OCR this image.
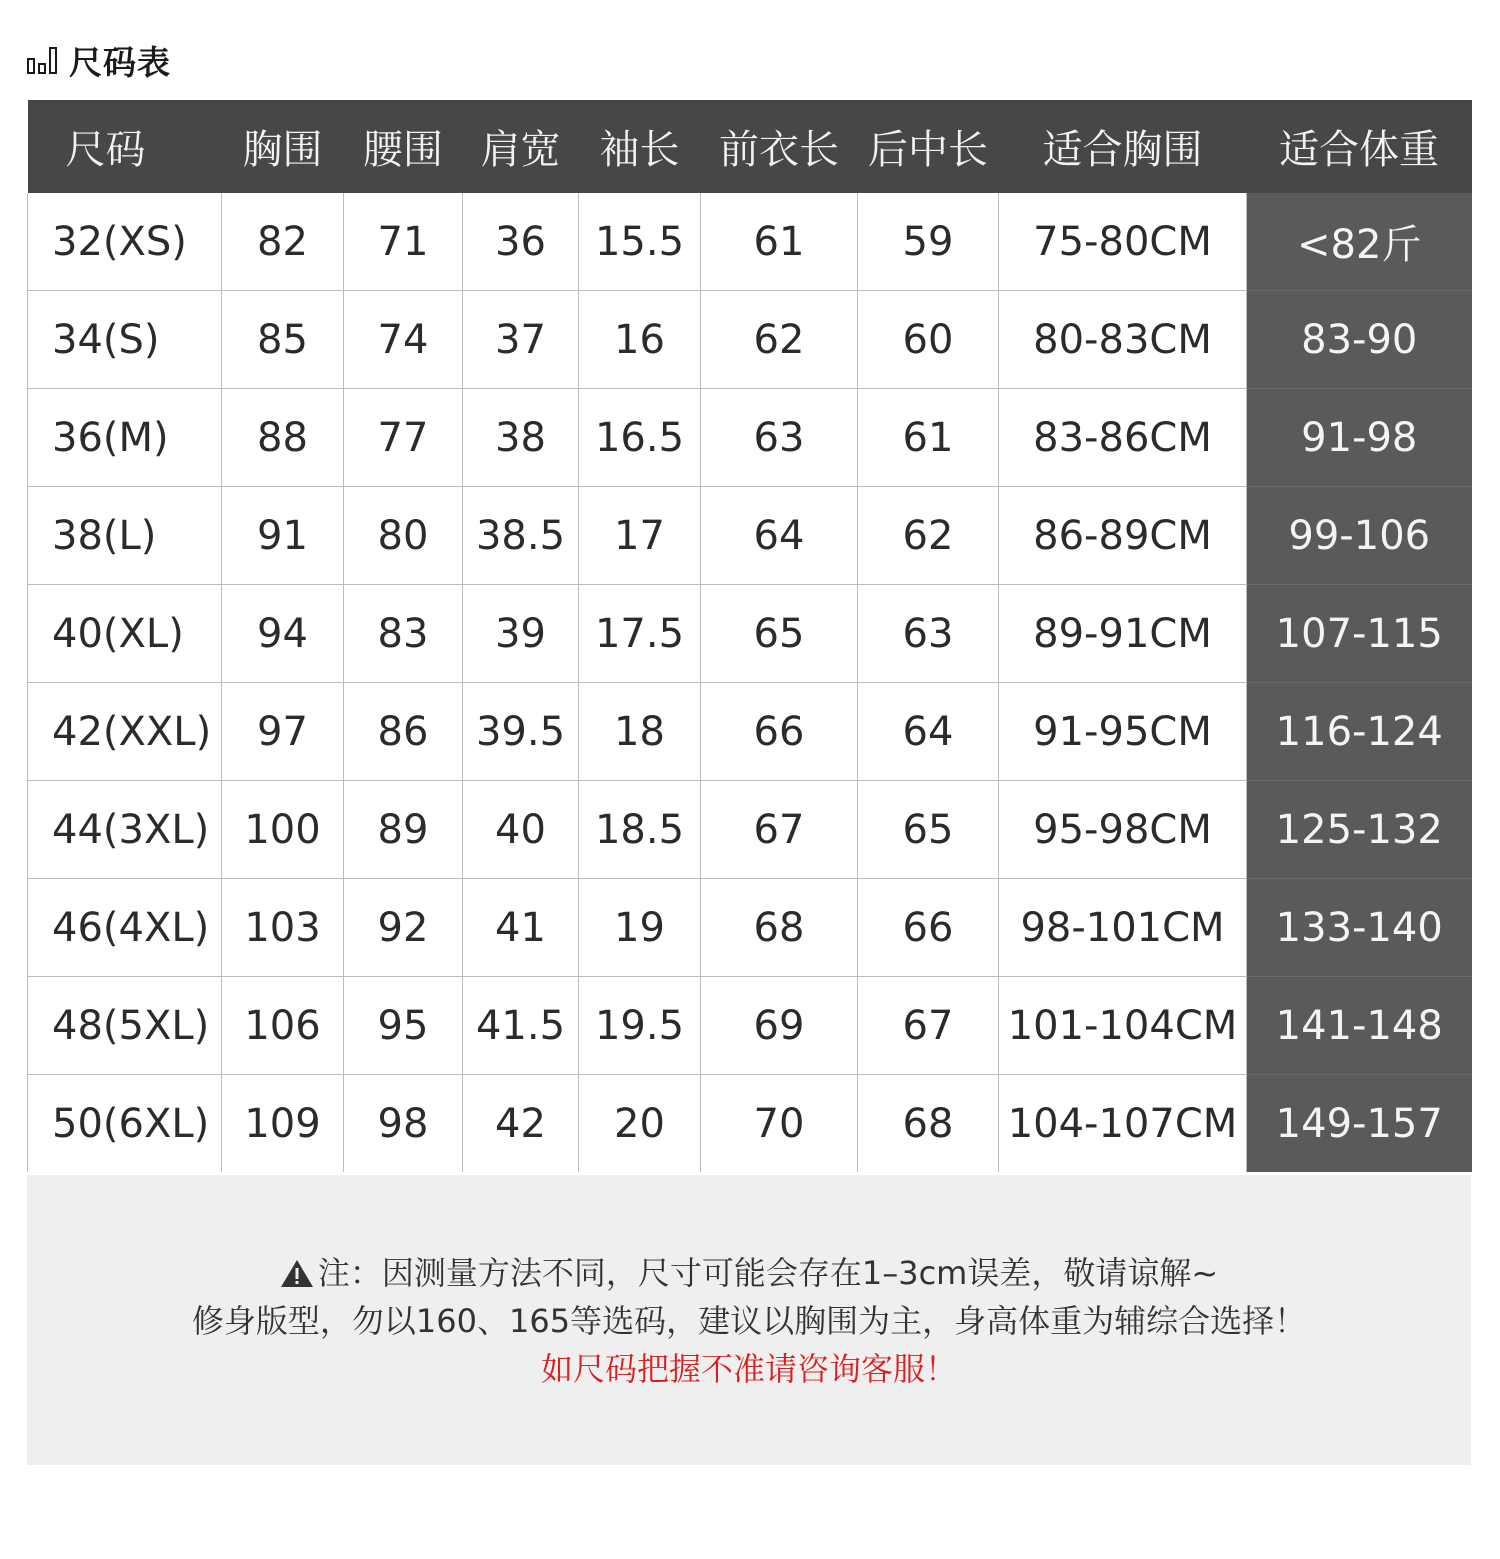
尺码表
尺码	胸围	腰围	肩宽	袖长	前衣长	后中长	适合胸围	适合体重
32(XS)	82	71	36	15.5	61	59	75-80CM	<82斤
34(S)	85	74	37	16	62	60	80-83CM	83-90
36(M)	88	77	38	16.5	63	61	83-86CM	91-98
38(L)	91	80	38.5	17	64	62	86-89CM	99-106
40(XL)	94	83	39	17.5	65	63	89-91CM	107-115
42(XXL)	97	86	39.5	18	66	64	91-95CM	116-124
44(3XL)	100	89	40	18.5	67	65	95-98CM	125-132
46(4XL)	103	92	41	19	68	66	98-101CM	133-140
48(5XL)	106	95	41.5	19.5	69	67	101-104CM	141-148
50(6XL)	109	98	42	20	70	68	104-107CM	149-157
注：因测量方法不同，尺寸可能会存在1–3cm误差，敬请谅解~
修身版型，勿以160、165等选码，建议以胸围为主，身高体重为辅综合选择！
如尺码把握不准请咨询客服！
